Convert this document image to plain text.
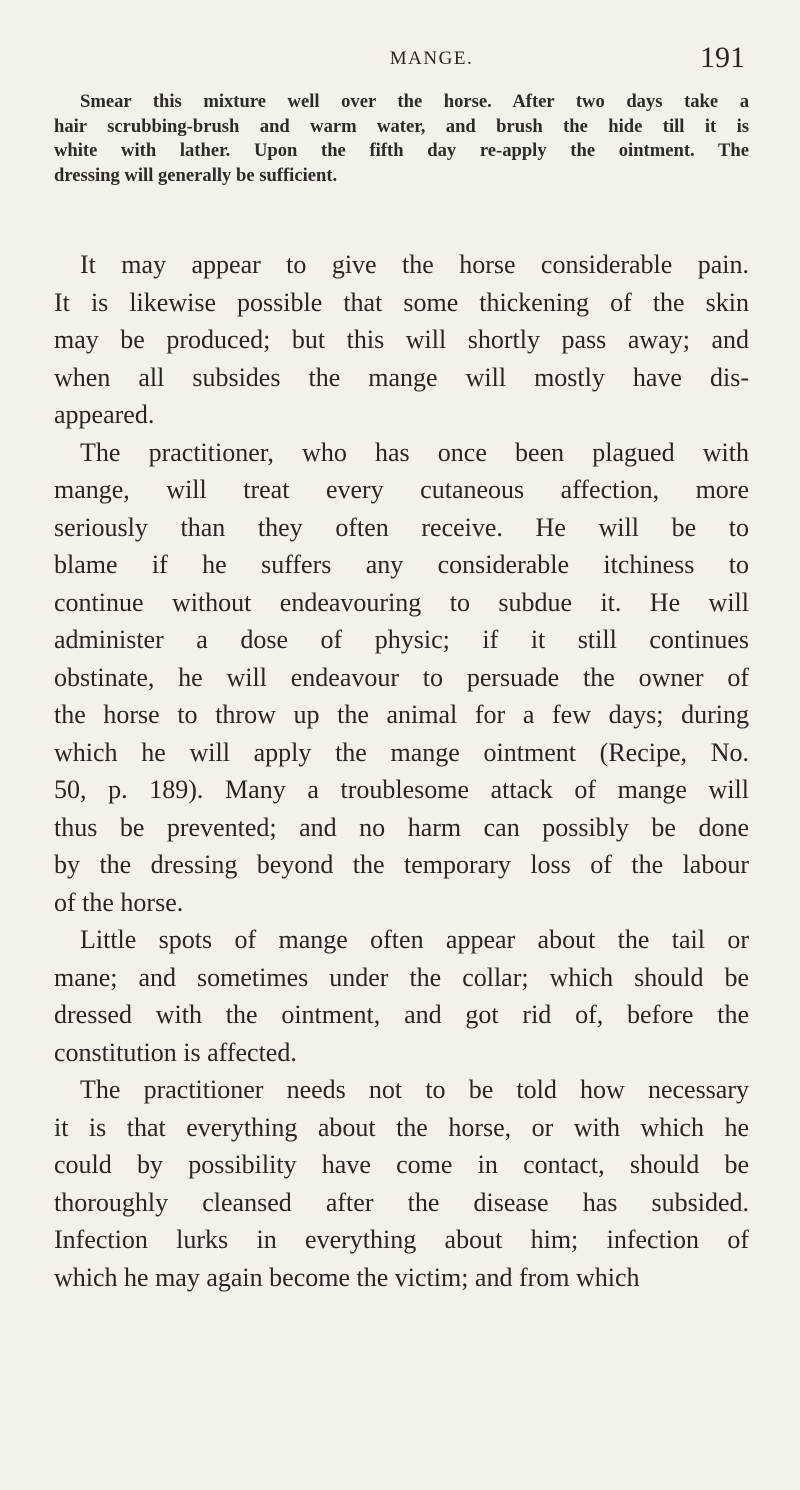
MANGE.	191
Smear this mixture well over the horse. After two days take a
hair scrubbing-brush and warm water, and brush the hide till it is
white with lather. Upon the fifth day re-apply the ointment. The
dressing will generally be sufficient.
It may appear to give the horse considerable pain.
It is likewise possible that some thickening of the skin
may be produced; but this will shortly pass away; and
when all subsides the mange will mostly have dis-
appeared.
The practitioner, who has once been plagued with
mange, will treat every cutaneous affection, more
seriously than they often receive. He will be to
blame if he suffers any considerable itchiness to
continue without endeavouring to subdue it. He will
administer a dose of physic; if it still continues
obstinate, he will endeavour to persuade the owner of
the horse to throw up the animal for a few days; during
which he will apply the mange ointment (Recipe, No.
50, p. 189). Many a troublesome attack of mange will
thus be prevented; and no harm can possibly be done
by the dressing beyond the temporary loss of the labour
of the horse.
Little spots of mange often appear about the tail or
mane; and sometimes under the collar; which should be
dressed with the ointment, and got rid of, before the
constitution is affected.
The practitioner needs not to be told how necessary
it is that everything about the horse, or with which he
could by possibility have come in contact, should be
thoroughly cleansed after the disease has subsided.
Infection lurks in everything about him; infection of
which he may again become the victim; and from which
